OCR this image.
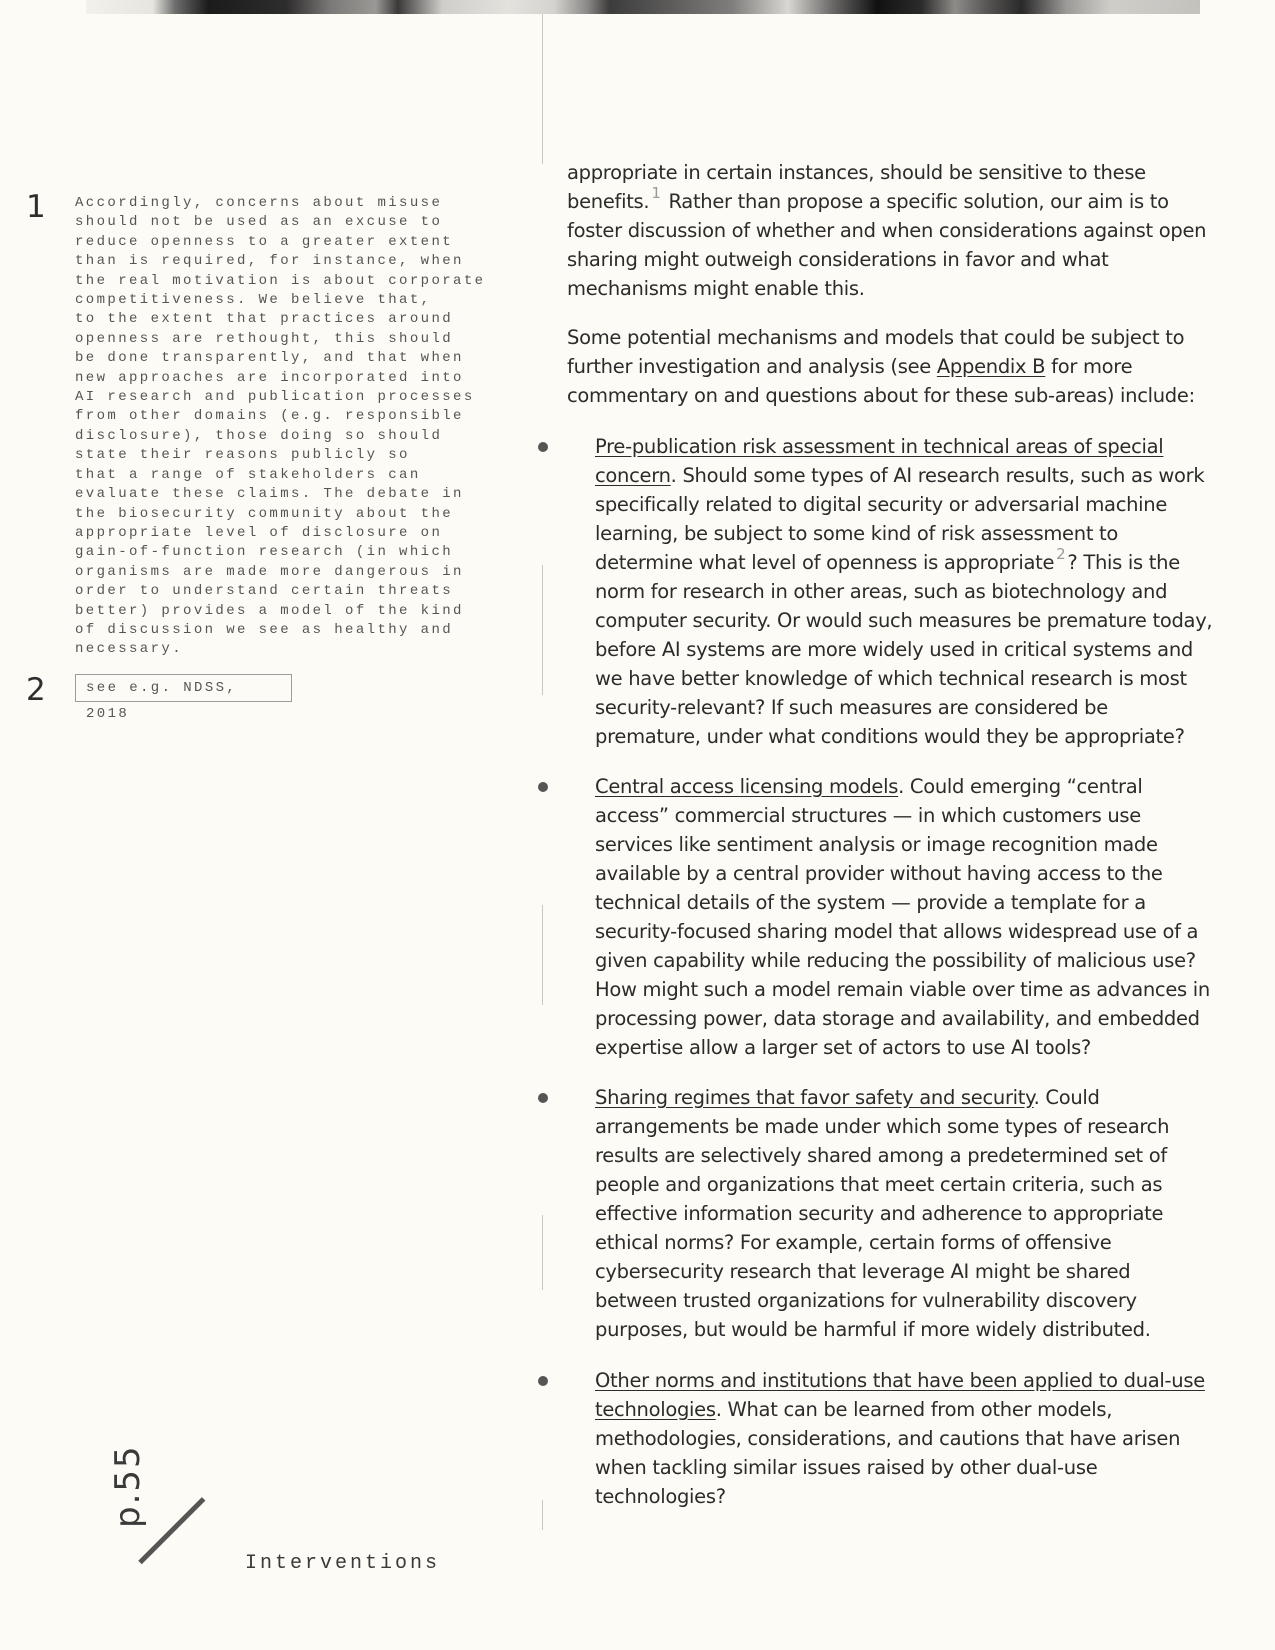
1 Accordingly, concerns about misuse
should not be used as an excuse to
reduce openness to a greater extent
than is required, for instance, when
the real motivation is about corporate
competitiveness. We believe that,
to the extent that practices around
openness are rethought, this should
be done transparently, and that when
new approaches are incorporated into
AI research and publication processes
from other domains (e.g. responsible
disclosure), those doing so should
state their reasons publicly so
that a range of stakeholders can
evaluate these claims. The debate in
the biosecurity community about the
appropriate level of disclosure on
gain-of-function research (in which
organisms are made more dangerous in
order to understand certain threats
better) provides a model of the kind
of discussion we see as healthy and
necessary.
2	see e.g. NDSS, 2018

appropriate in certain instances, should be sensitive to these benefits. $^1$ Rather than propose a specific solution, our aim is to foster discussion of whether and when considerations against open sharing might outweigh considerations in favor and what mechanisms might enable this.

Some potential mechanisms and models that could be subject to further investigation and analysis (see Appendix B for more commentary on and questions about for these sub-areas) include:

Pre-publication risk assessment in technical areas of special concern. Should some types of AI research results, such as work specifically related to digital security or adversarial machine learning, be subject to some kind of risk assessment to determine what level of openness is appropriate $^2$ ? This is the norm for research in other areas, such as biotechnology and computer security. Or would such measures be premature today, before AI systems are more widely used in critical systems and we have better knowledge of which technical research is most security-relevant? If such measures are considered be premature, under what conditions would they be appropriate?

Central access licensing models. Could emerging “central access” commercial structures — in which customers use services like sentiment analysis or image recognition made available by a central provider without having access to the technical details of the system — provide a template for a security-focused sharing model that allows widespread use of a given capability while reducing the possibility of malicious use? How might such a model remain viable over time as advances in processing power, data storage and availability, and embedded expertise allow a larger set of actors to use AI tools?

Sharing regimes that favor safety and security. Could arrangements be made under which some types of research results are selectively shared among a predetermined set of people and organizations that meet certain criteria, such as effective information security and adherence to appropriate ethical norms? For example, certain forms of offensive cybersecurity research that leverage AI might be shared between trusted organizations for vulnerability discovery purposes, but would be harmful if more widely distributed.

Other norms and institutions that have been applied to dual-use technologies. What can be learned from other models, methodologies, considerations, and cautions that have arisen when tackling similar issues raised by other dual-use technologies?

p.55
Interventions
